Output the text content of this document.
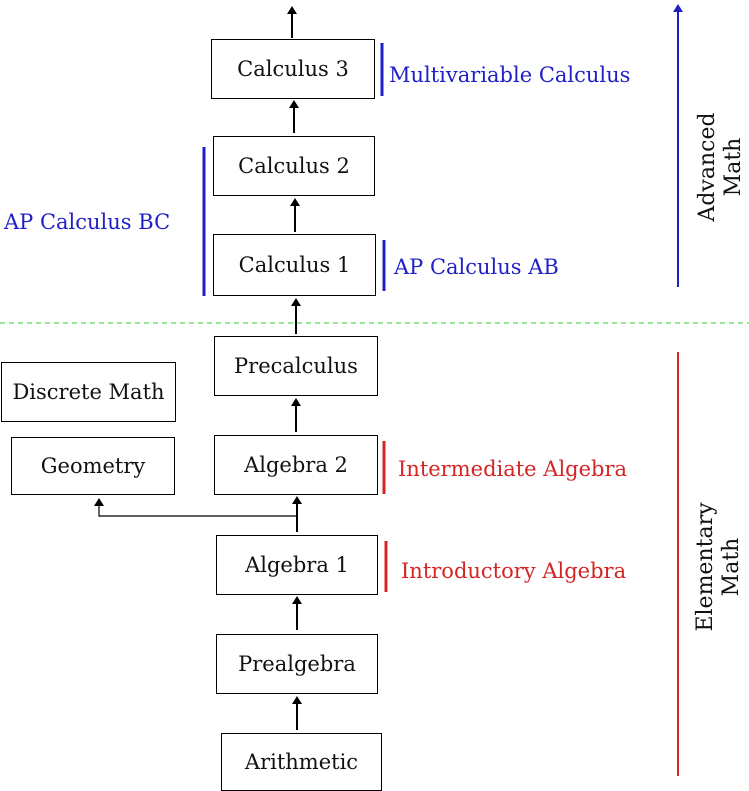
Calculus 3
Calculus 2
Calculus 1
Precalculus
Discrete Math
Geometry	Algebra 2
Algebra 1
Prealgebra
Arithmetic
Multivariable Calculus
AP Calculus BC
AP Calculus AB
Intermediate Algebra
Introductory Algebra
Advanced Math
Elementary Math
